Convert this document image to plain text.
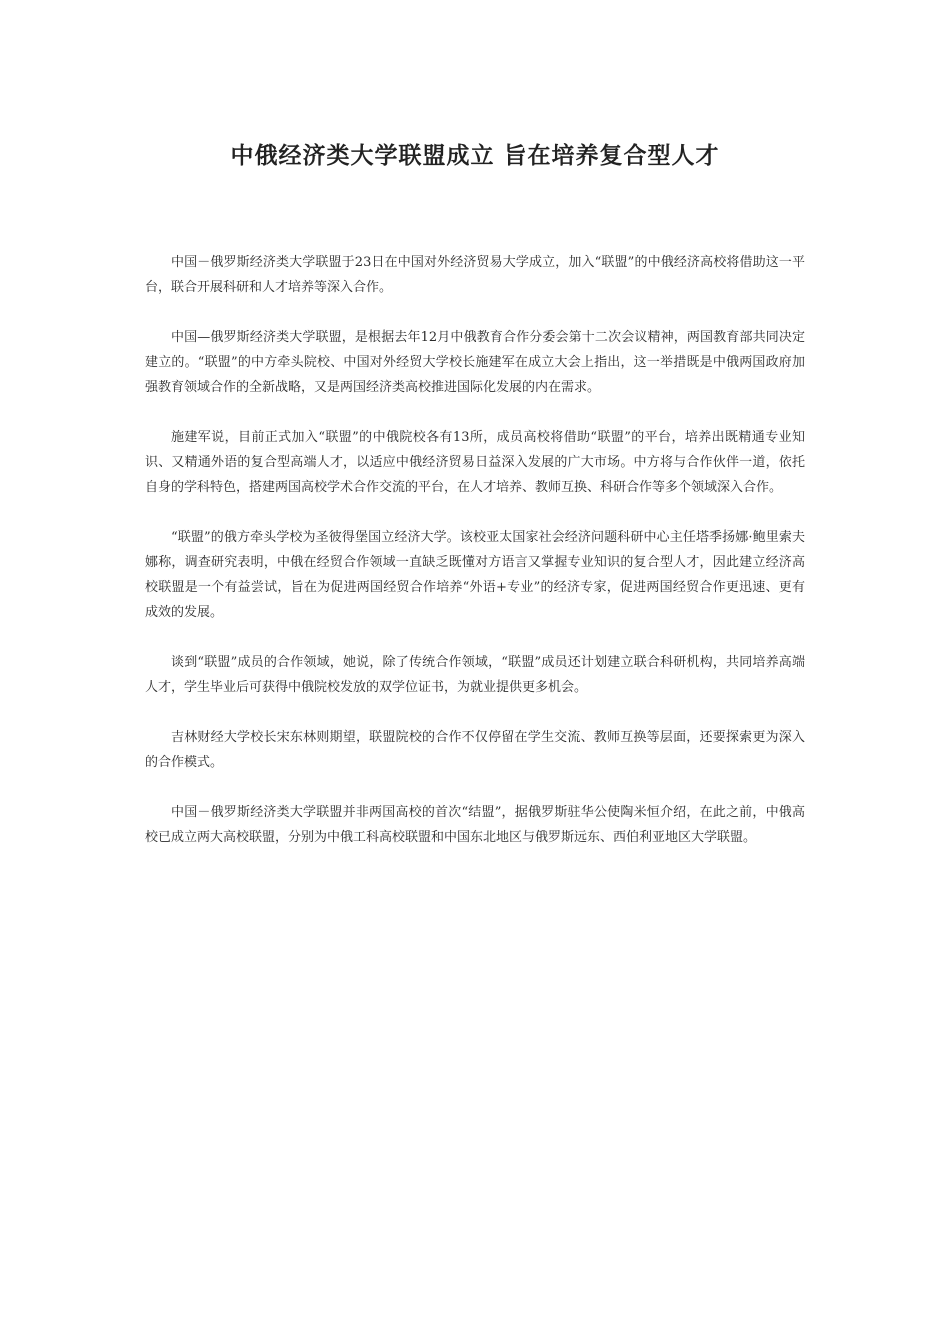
中俄经济类大学联盟成立 旨在培养复合型人才

中国－俄罗斯经济类大学联盟于23日在中国对外经济贸易大学成立，加入“联盟”的中俄经济高校将借助这一平台，联合开展科研和人才培养等深入合作。

中国—俄罗斯经济类大学联盟，是根据去年12月中俄教育合作分委会第十二次会议精神，两国教育部共同决定建立的。“联盟”的中方牵头院校、中国对外经贸大学校长施建军在成立大会上指出，这一举措既是中俄两国政府加强教育领域合作的全新战略，又是两国经济类高校推进国际化发展的内在需求。

施建军说，目前正式加入“联盟”的中俄院校各有13所，成员高校将借助“联盟”的平台，培养出既精通专业知识、又精通外语的复合型高端人才，以适应中俄经济贸易日益深入发展的广大市场。中方将与合作伙伴一道，依托自身的学科特色，搭建两国高校学术合作交流的平台，在人才培养、教师互换、科研合作等多个领域深入合作。

“联盟”的俄方牵头学校为圣彼得堡国立经济大学。该校亚太国家社会经济问题科研中心主任塔季扬娜·鲍里索夫娜称，调查研究表明，中俄在经贸合作领域一直缺乏既懂对方语言又掌握专业知识的复合型人才，因此建立经济高校联盟是一个有益尝试，旨在为促进两国经贸合作培养“外语+专业”的经济专家，促进两国经贸合作更迅速、更有成效的发展。

谈到“联盟”成员的合作领域，她说，除了传统合作领域，“联盟”成员还计划建立联合科研机构，共同培养高端人才，学生毕业后可获得中俄院校发放的双学位证书，为就业提供更多机会。

吉林财经大学校长宋东林则期望，联盟院校的合作不仅停留在学生交流、教师互换等层面，还要探索更为深入的合作模式。

中国－俄罗斯经济类大学联盟并非两国高校的首次“结盟”，据俄罗斯驻华公使陶米恒介绍，在此之前，中俄高校已成立两大高校联盟，分别为中俄工科高校联盟和中国东北地区与俄罗斯远东、西伯利亚地区大学联盟。
